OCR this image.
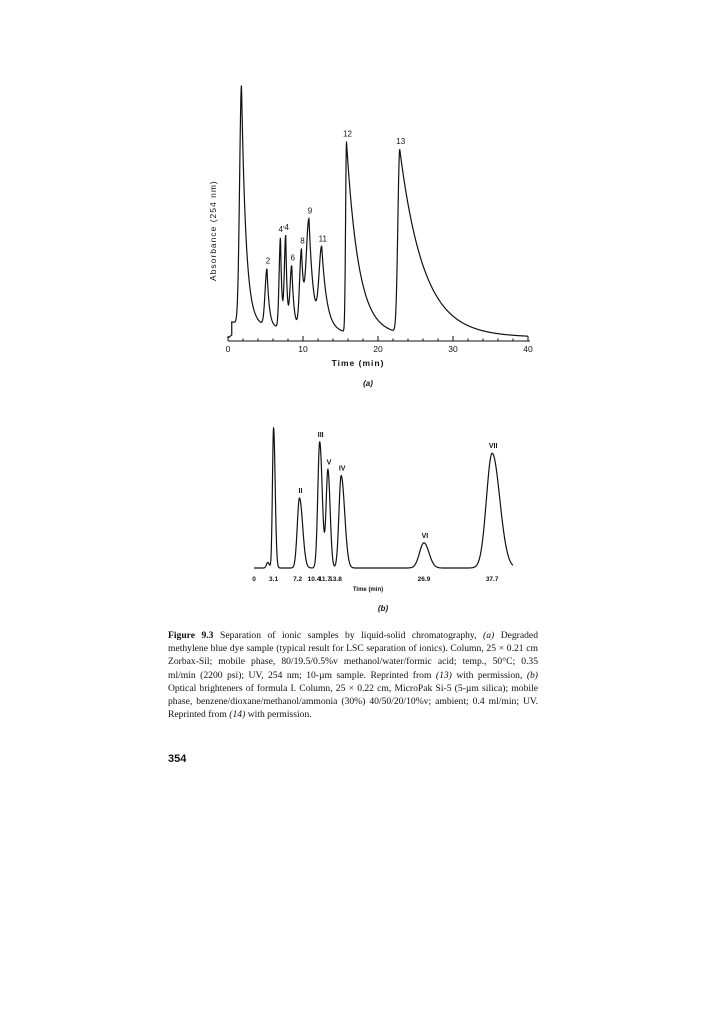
Absorbance (254 nm)
0	10	20	30	40
2
4' 4
6
8
9
11
12
13
Time (min)
(a)
II
III
V
IV
VI
VII
0 3.1 7.2 10.4
11.7
13.8	26.9	37.7
Time (min)
(b)
Figure 9.3 Separation of ionic samples by liquid-solid chromatography, (a) Degraded methylene blue dye sample (typical result for LSC separation of ionics). Column, 25 × 0.21 cm Zorbax-Sil; mobile phase, 80/19.5/0.5%v methanol/water/formic acid; temp., 50°C; 0.35 ml/min (2200 psi); UV, 254 nm; 10-µm sample. Reprinted from (13) with permission, (b) Optical brighteners of formula I. Column, 25 × 0.22 cm, MicroPak Si-5 (5-µm silica); mobile phase, benzene/dioxane/methanol/ammonia (30%) 40/50/20/10%v; ambient; 0.4 ml/min; UV. Reprinted from (14) with permission.
354
